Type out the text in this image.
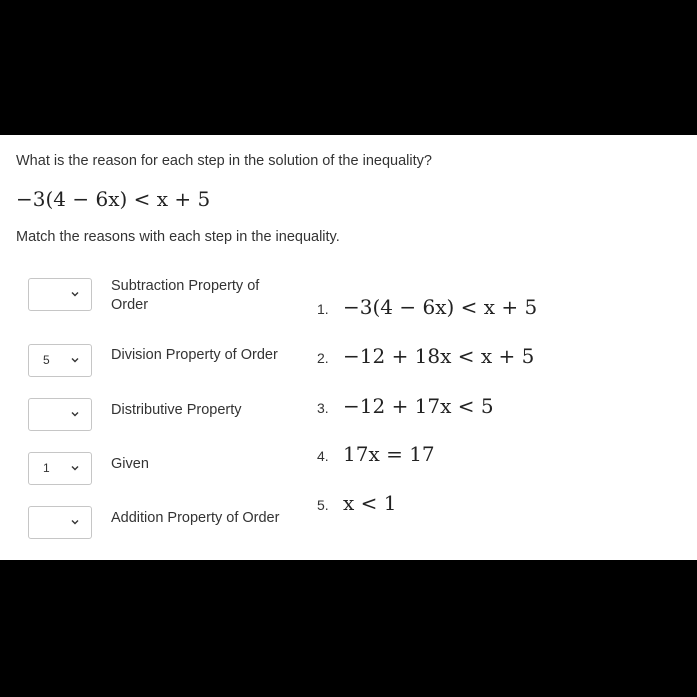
What is the reason for each step in the solution of the inequality?
−3(4 − 6x) < x + 5
Match the reasons with each step in the inequality.
Subtraction Property of Order
5	Division Property of Order
Distributive Property
1	Given
Addition Property of Order
1. −3(4 − 6x) < x + 5
2. −12 + 18x < x + 5
3. −12 + 17x < 5
4. 17x = 17
5. x < 1
